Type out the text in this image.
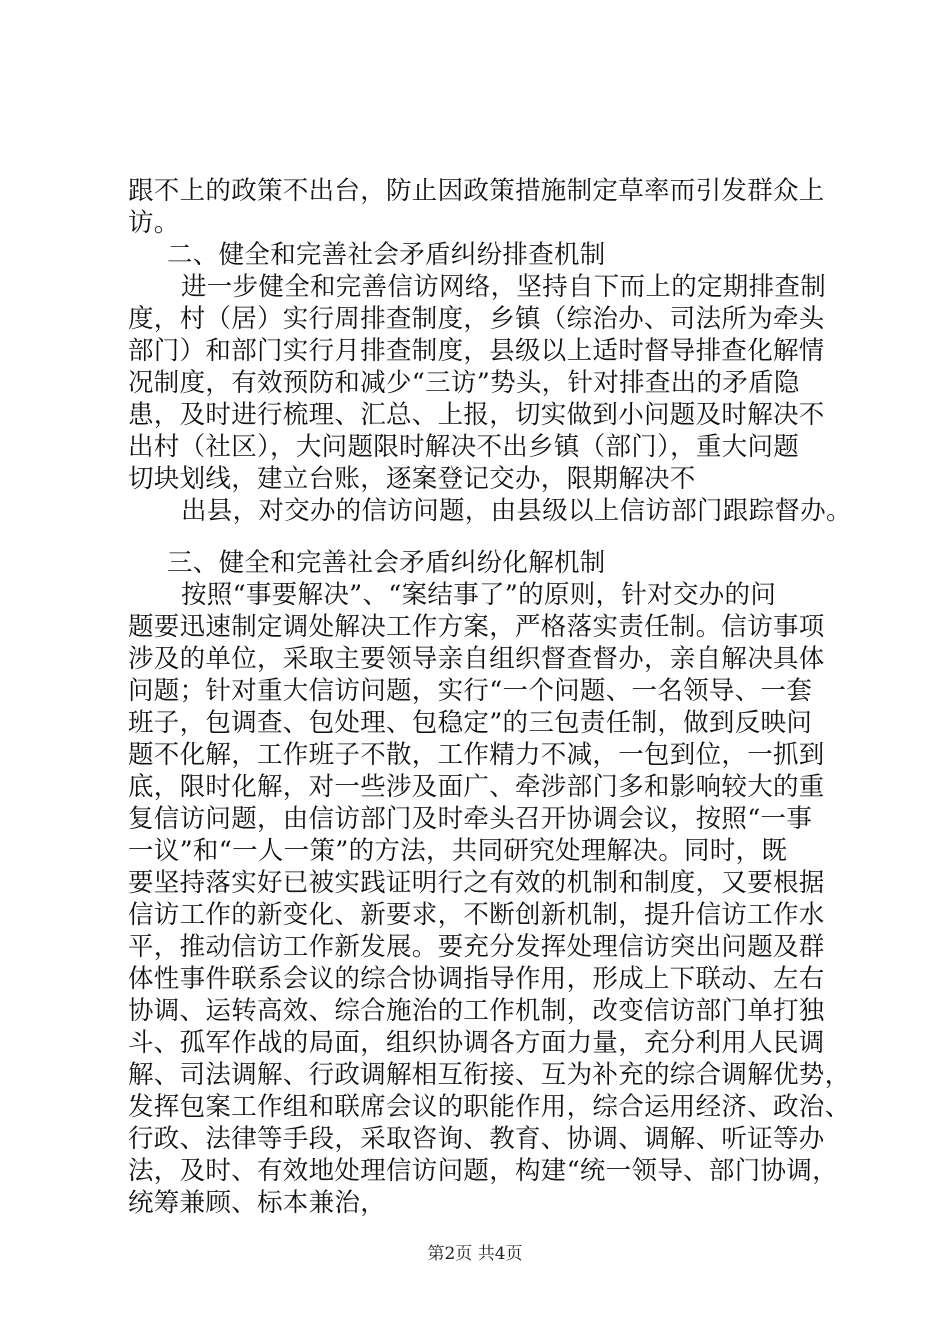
跟不上的政策不出台，防止因政策措施制定草率而引发群众上
访。
二、健全和完善社会矛盾纠纷排查机制
进一步健全和完善信访网络，坚持自下而上的定期排查制
度，村（居）实行周排查制度，乡镇（综治办、司法所为牵头
部门）和部门实行月排查制度，县级以上适时督导排查化解情
况制度，有效预防和减少“三访”势头，针对排查出的矛盾隐
患，及时进行梳理、汇总、上报，切实做到小问题及时解决不
出村（社区），大问题限时解决不出乡镇（部门），重大问题
切块划线，建立台账，逐案登记交办，限期解决不
出县，对交办的信访问题，由县级以上信访部门跟踪督办。
三、健全和完善社会矛盾纠纷化解机制
按照“事要解决”、“案结事了”的原则，针对交办的问
题要迅速制定调处解决工作方案，严格落实责任制。信访事项
涉及的单位，采取主要领导亲自组织督查督办，亲自解决具体
问题；针对重大信访问题，实行“一个问题、一名领导、一套
班子，包调查、包处理、包稳定”的三包责任制，做到反映问
题不化解，工作班子不散，工作精力不减，一包到位，一抓到
底，限时化解，对一些涉及面广、牵涉部门多和影响较大的重
复信访问题，由信访部门及时牵头召开协调会议，按照“一事
一议”和“一人一策”的方法，共同研究处理解决。同时，既
要坚持落实好已被实践证明行之有效的机制和制度，又要根据
信访工作的新变化、新要求，不断创新机制，提升信访工作水
平，推动信访工作新发展。要充分发挥处理信访突出问题及群
体性事件联系会议的综合协调指导作用，形成上下联动、左右
协调、运转高效、综合施治的工作机制，改变信访部门单打独
斗、孤军作战的局面，组织协调各方面力量，充分利用人民调
解、司法调解、行政调解相互衔接、互为补充的综合调解优势，
发挥包案工作组和联席会议的职能作用，综合运用经济、政治、
行政、法律等手段，采取咨询、教育、协调、调解、听证等办
法，及时、有效地处理信访问题，构建“统一领导、部门协调，
统筹兼顾、标本兼治，
第2页 共4页
